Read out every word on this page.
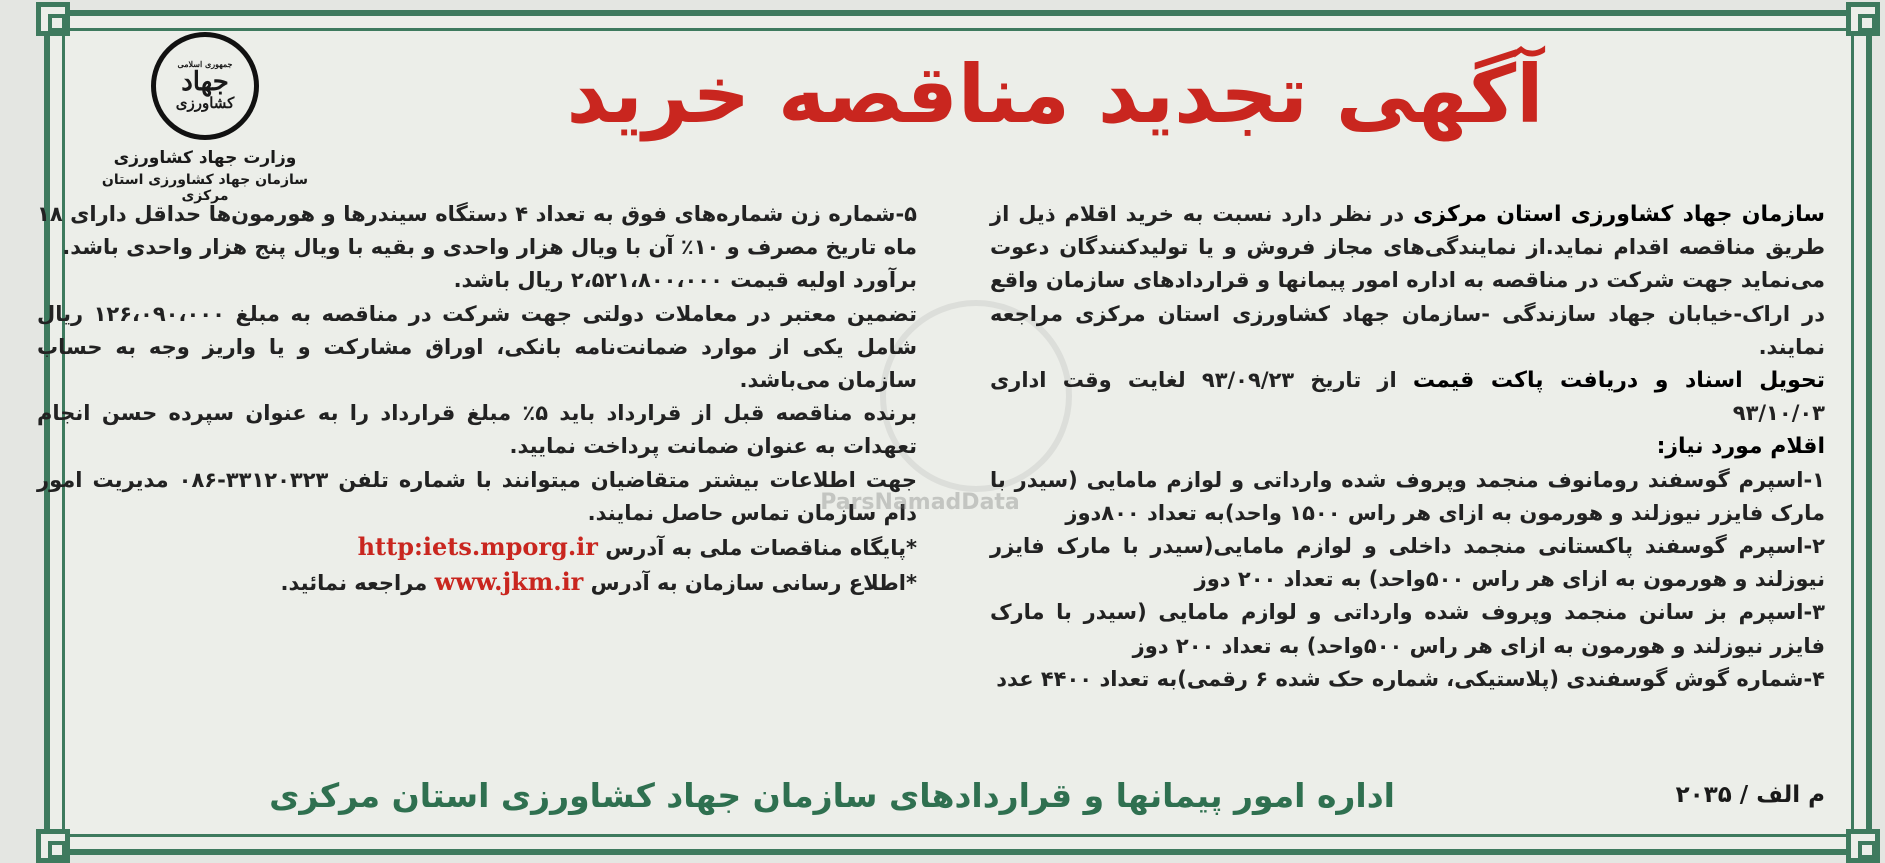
جمهوری اسلامی
جهاد
کشاورزی
وزارت جهاد کشاورزی
سازمان جهاد کشاورزی استان مرکزی
آگهی تجدید مناقصه خرید

سازمان جهاد کشاورزی استان مرکزی در نظر دارد نسبت به خرید اقلام ذیل از طریق مناقصه اقدام نماید.از نمایندگی‌های مجاز فروش و یا تولیدکنندگان دعوت می‌نماید جهت شرکت در مناقصه به اداره امور پیمانها و قراردادهای سازمان واقع در اراک-خیابان جهاد سازندگی -سازمان جهاد کشاورزی استان مرکزی مراجعه نمایند.

تحویل اسناد و دریافت پاکت قیمت از تاریخ ۹۳/۰۹/۲۳ لغایت وقت اداری ۹۳/۱۰/۰۳

اقلام مورد نیاز:

۱-اسپرم گوسفند رومانوف منجمد وپروف شده وارداتی و لوازم مامایی (سیدر با مارک فایزر نیوزلند و هورمون به ازای هر راس ۱۵۰۰ واحد)به تعداد ۸۰۰دوز

۲-اسپرم گوسفند پاکستانی منجمد داخلی و لوازم مامایی(سیدر با مارک فایزر نیوزلند و هورمون به ازای هر راس ۵۰۰واحد) به تعداد ۲۰۰ دوز

۳-اسپرم بز سانن منجمد وپروف شده وارداتی و لوازم مامایی (سیدر با مارک فایزر نیوزلند و هورمون به ازای هر راس ۵۰۰واحد) به تعداد ۲۰۰ دوز

۴-شماره گوش گوسفندی (پلاستیکی، شماره حک شده ۶ رقمی)به تعداد ۴۴۰۰ عدد

۵-شماره زن شماره‌های فوق به تعداد ۴ دستگاه سیندرها و هورمون‌ها حداقل دارای ۱۸ ماه تاریخ مصرف و ۱۰٪ آن با ویال هزار واحدی و بقیه با ویال پنج هزار واحدی باشد.

برآورد اولیه قیمت ۲،۵۲۱،۸۰۰،۰۰۰ ریال باشد.

تضمین معتبر در معاملات دولتی جهت شرکت در مناقصه به مبلغ ۱۲۶،۰۹۰،۰۰۰ ریال شامل یکی از موارد ضمانت‌نامه بانکی، اوراق مشارکت و یا واریز وجه به حساب سازمان می‌باشد.

برنده مناقصه قبل از قرارداد باید ۵٪ مبلغ قرارداد را به عنوان سپرده حسن انجام تعهدات به عنوان ضمانت پرداخت نمایید.

جهت اطلاعات بیشتر متقاضیان میتوانند با شماره تلفن ۳۳۱۲۰۳۲۳-۰۸۶ مدیریت امور دام سازمان تماس حاصل نمایند.

*پایگاه مناقصات ملی به آدرس http:iets.mporg.ir

*اطلاع رسانی سازمان به آدرس www.jkm.ir مراجعه نمائید.

ParsNamadData
م الف / ۲۰۳۵
اداره امور پیمانها و قراردادهای سازمان جهاد کشاورزی استان مرکزی
